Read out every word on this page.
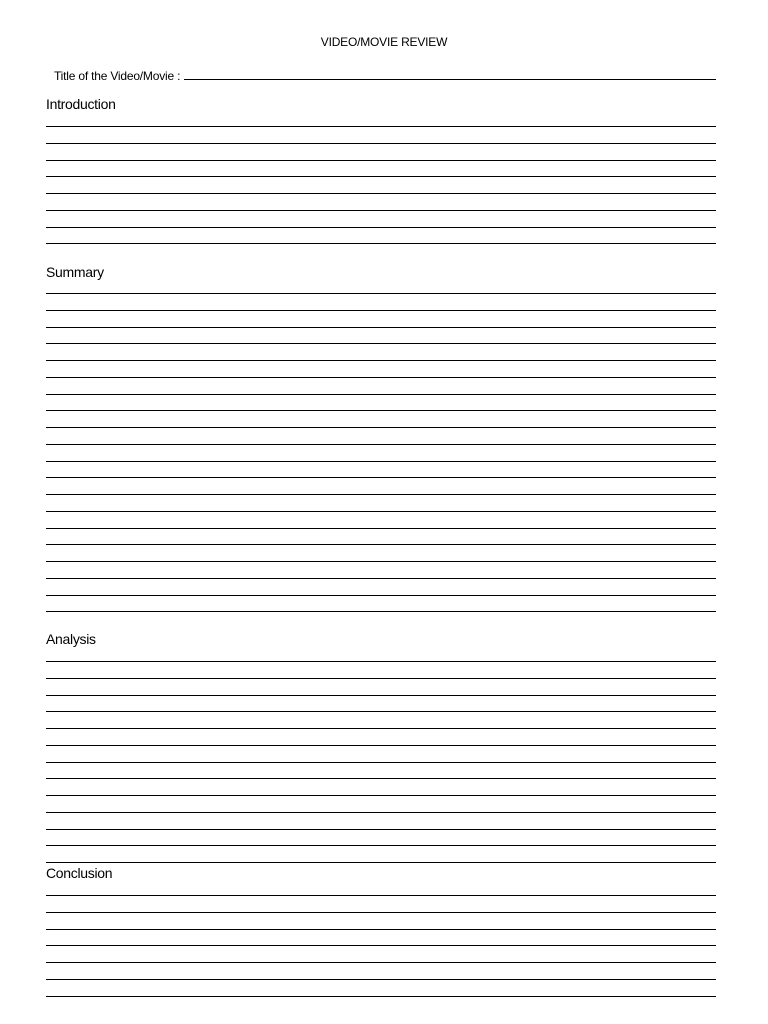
VIDEO/MOVIE REVIEW
Title of the Video/Movie :
Introduction
Summary
Analysis
Conclusion
